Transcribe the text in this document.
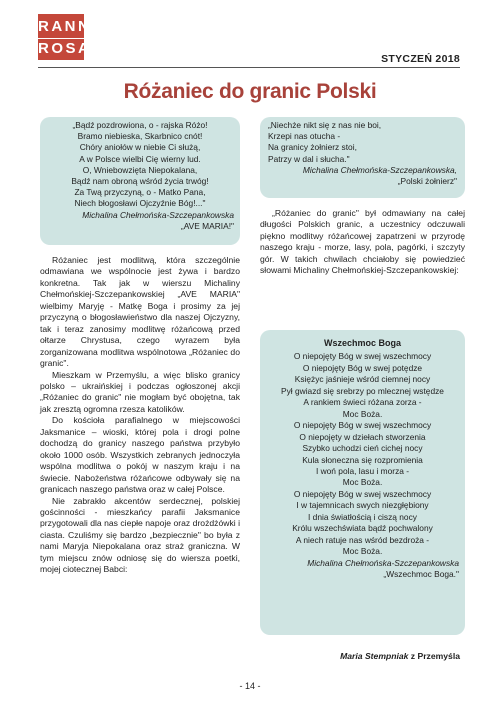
RANNA
ROSA
STYCZEŃ 2018
Różaniec do granic Polski
„Bądź pozdrowiona, o - rajska Różo!
Bramo niebieska, Skarbnico cnót!
Chóry aniołów w niebie Ci służą,
A w Polsce wielbi Cię wierny lud.
O, Wniebowzięta Niepokalana,
Bądź nam obroną wśród życia trwóg!
Za Twą przyczyną, o - Matko Pana,
Niech błogosławi Ojczyźnie Bóg!..."
Michalina Chełmońska-Szczepankowska
„AVE MARIA!"
„Niechże nikt się z nas nie boi,
Krzepi nas otucha -
Na granicy żołnierz stoi,
Patrzy w dal i słucha."
Michalina Chełmońska-Szczepankowska,
„Polski żołnierz"

Różaniec jest modlitwą, która szczególnie odmawiana we wspólnocie jest żywa i bardzo konkretna. Tak jak w wierszu Michaliny Chełmońskiej-Szczepankowskiej „AVE MARIA" wielbimy Maryję - Matkę Boga i prosimy za jej przyczyną o błogosławieństwo dla naszej Ojczyzny, tak i teraz zanosimy modlitwę różańcową przed ołtarze Chrystusa, czego wyrazem była zorganizowana modlitwa wspólnotowa „Różaniec do granic".

Mieszkam w Przemyślu, a więc blisko granicy polsko – ukraińskiej i podczas ogłoszonej akcji „Różaniec do granic" nie mogłam być obojętna, tak jak zresztą ogromna rzesza katolików.

Do kościoła parafialnego w miejscowości Jaksmanice – wioski, której pola i drogi polne dochodzą do granicy naszego państwa przybyło około 1000 osób. Wszystkich zebranych jednoczyła wspólna modlitwa o pokój w naszym kraju i na świecie. Nabożeństwa różańcowe odbywały się na granicach naszego państwa oraz w całej Polsce.

Nie zabrakło akcentów serdecznej, polskiej gościnności - mieszkańcy parafii Jaksmanice przygotowali dla nas ciepłe napoje oraz drożdżówki i ciasta. Czuliśmy się bardzo „bezpiecznie" bo była z nami Maryja Niepokalana oraz straż graniczna. W tym miejscu znów odniosę się do wiersza poetki, mojej ciotecznej Babci:

„Różaniec do granic" był odmawiany na całej długości Polskich granic, a uczestnicy odczuwali piękno modlitwy różańcowej zapatrzeni w przyrodę naszego kraju - morze, lasy, pola, pagórki, i szczyty gór. W takich chwilach chciałoby się powiedzieć słowami Michaliny Chełmońskiej-Szczepankowskiej:

Wszechmoc Boga
O niepojęty Bóg w swej wszechmocy
O niepojęty Bóg w swej potędze
Księżyc jaśnieje wśród ciemnej nocy
Pył gwiazd się srebrzy po mlecznej wstędze
A rankiem świeci różana zorza -
Moc Boża.
O niepojęty Bóg w swej wszechmocy
O niepojęty w dziełach stworzenia
Szybko uchodzi cień cichej nocy
Kula słoneczna się rozpromienia
I woń pola, lasu i morza -
Moc Boża.
O niepojęty Bóg w swej wszechmocy
I w tajemnicach swych niezgłębiony
I dnia światłością i ciszą nocy
Królu wszechświata bądź pochwalony
A niech ratuje nas wśród bezdroża -
Moc Boża.
Michalina Chełmońska-Szczepankowska
„Wszechmoc Boga."
Maria Stempniak z Przemyśla
- 14 -
